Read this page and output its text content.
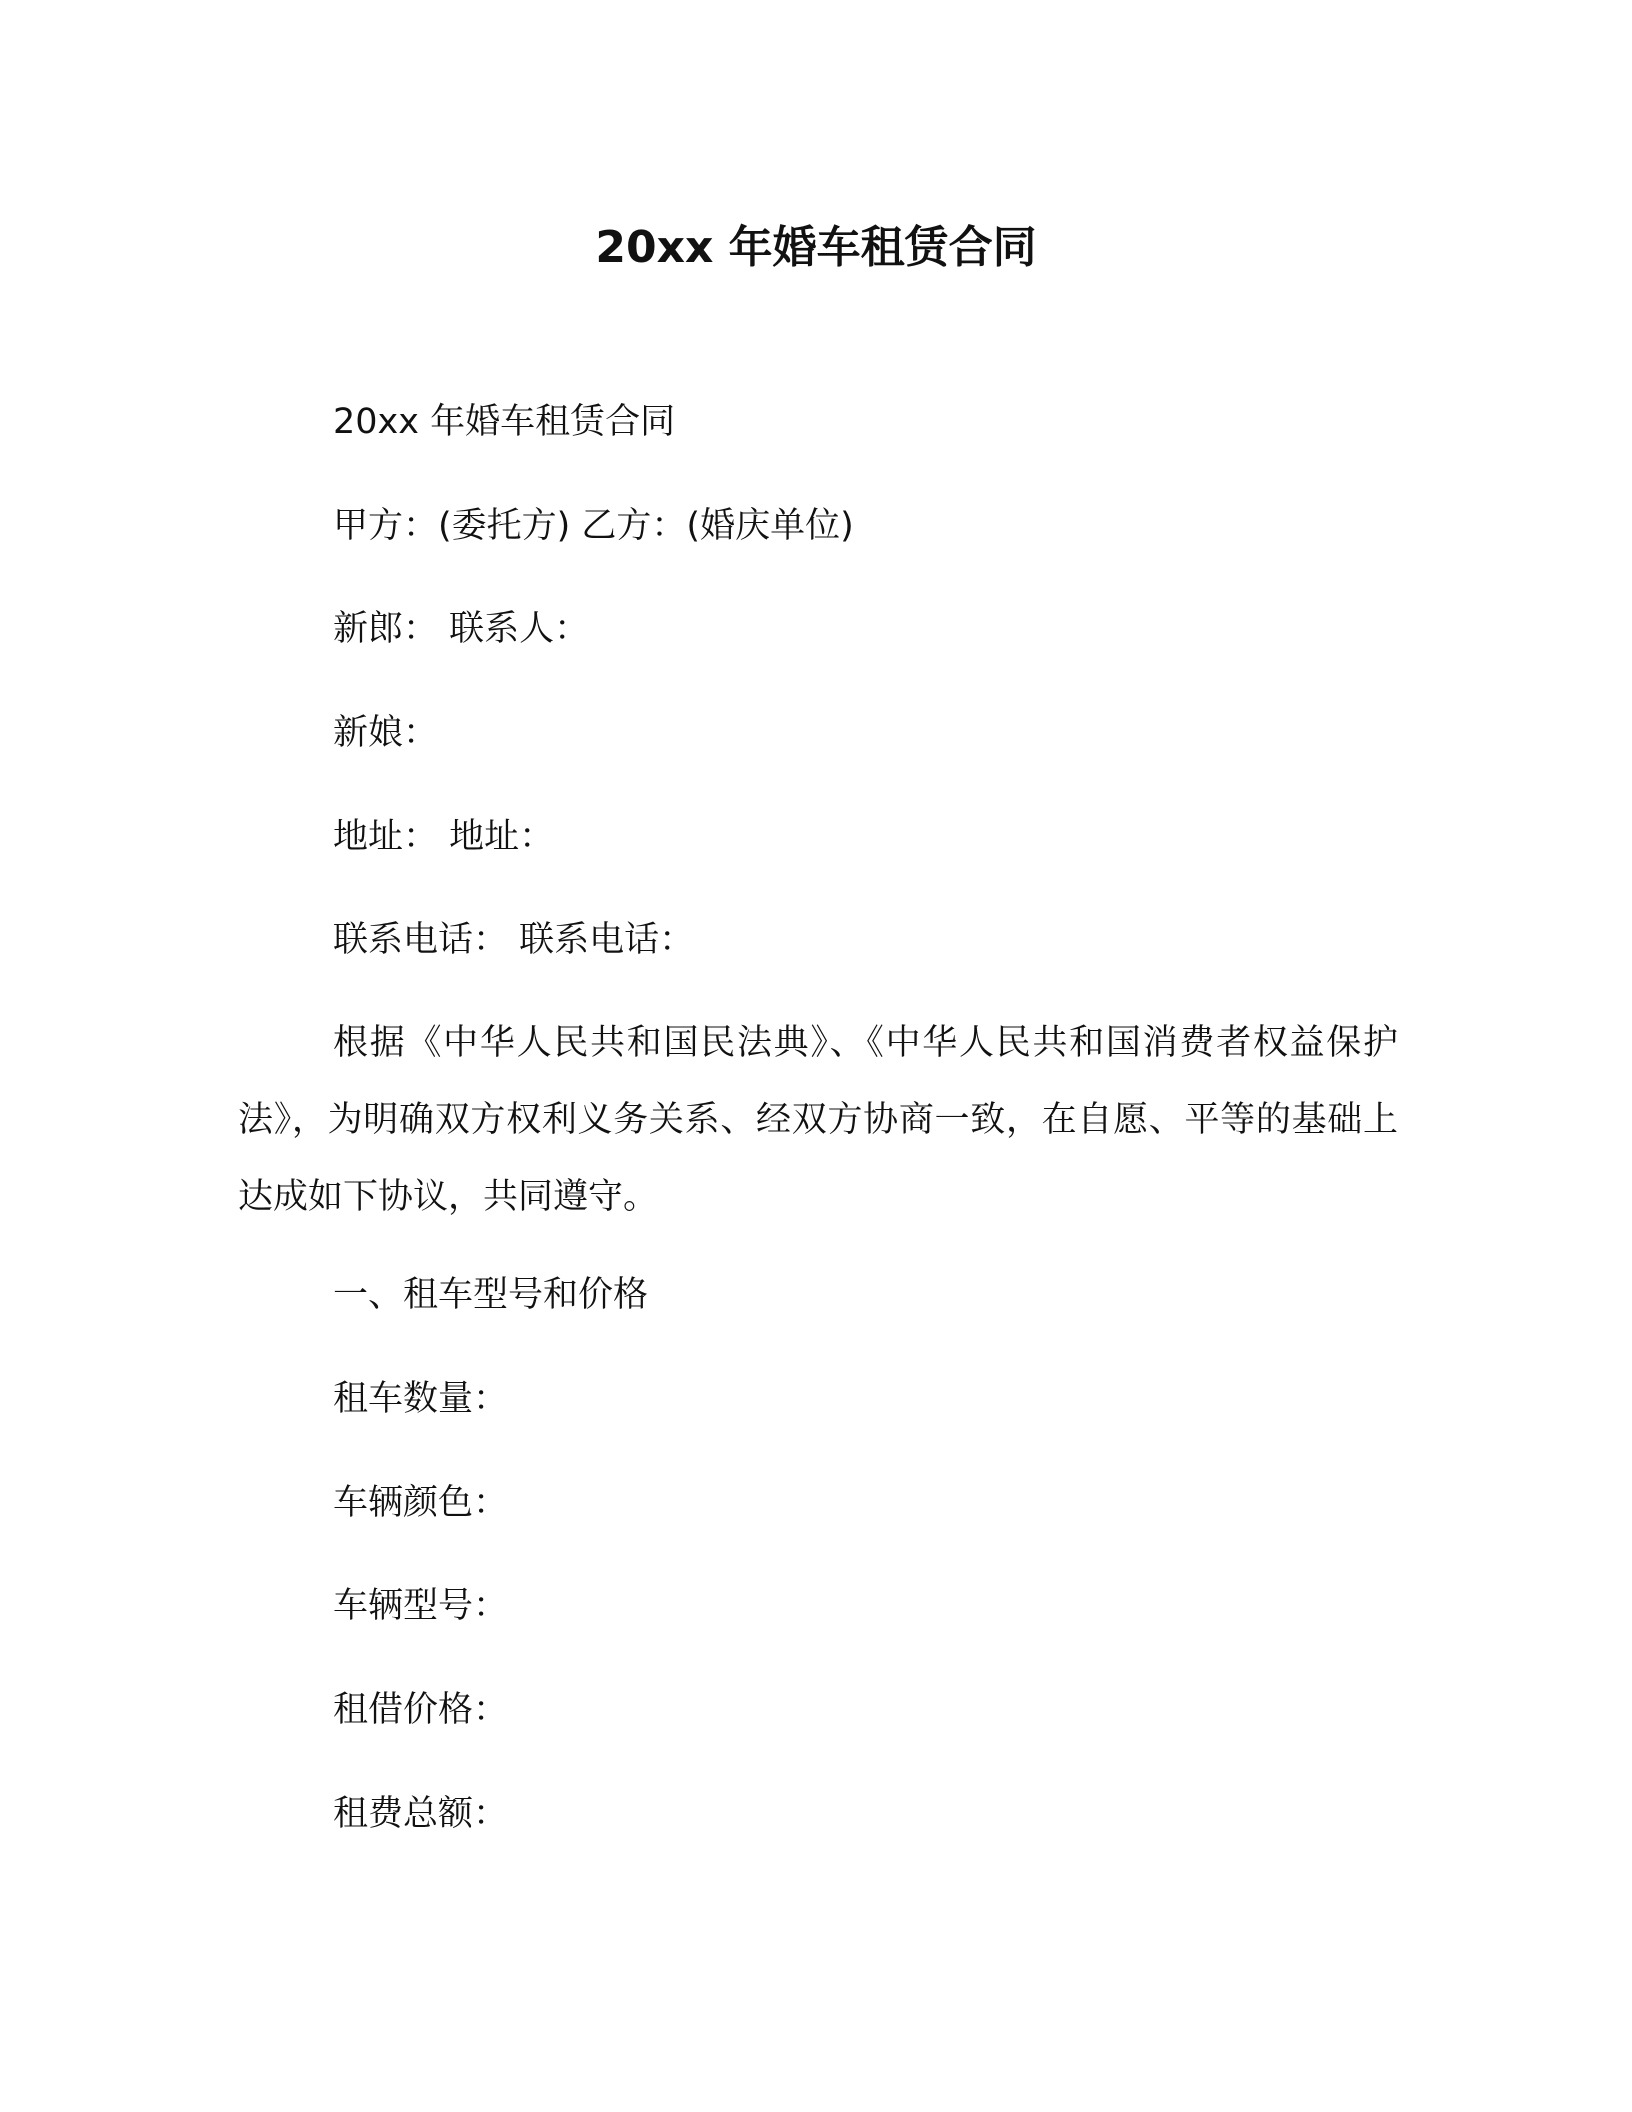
20xx 年婚车租赁合同
20xx 年婚车租赁合同
甲方：(委托方) 乙方：(婚庆单位)
新郎： 联系人：
新娘：
地址： 地址：
联系电话： 联系电话：

根据《中华人民共和国民法典》、《中华人民共和国消费者权益保护法》，为明确双方权利义务关系、经双方协商一致，在自愿、平等的基础上达成如下协议，共同遵守。

一、租车型号和价格
租车数量：
车辆颜色：
车辆型号：
租借价格：
租费总额：
